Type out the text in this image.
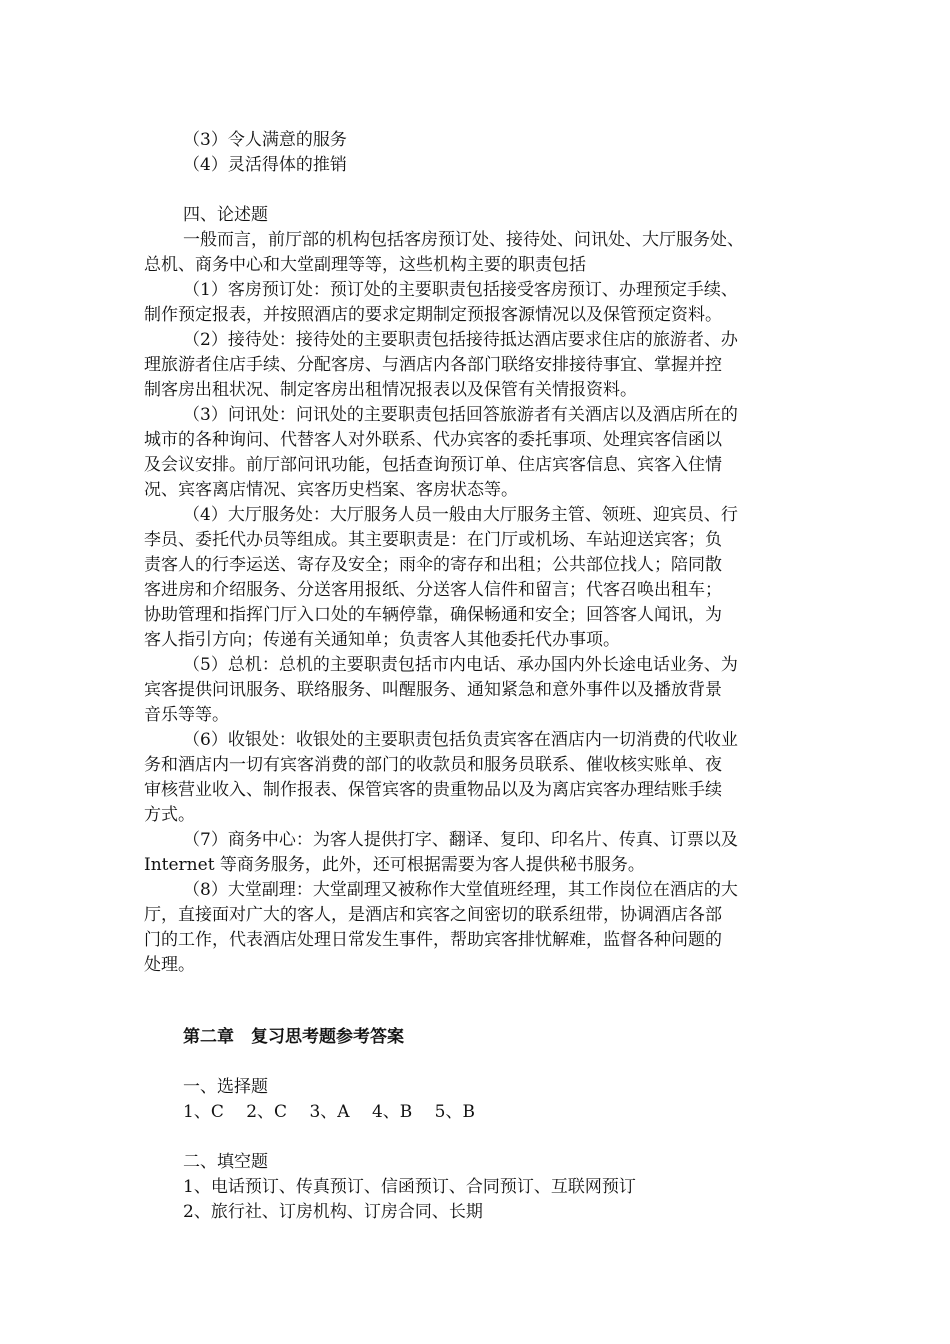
（3）令人满意的服务
（4）灵活得体的推销
四、论述题
一般而言，前厅部的机构包括客房预订处、接待处、问讯处、大厅服务处、
总机、商务中心和大堂副理等等，这些机构主要的职责包括
（1）客房预订处：预订处的主要职责包括接受客房预订、办理预定手续、
制作预定报表，并按照酒店的要求定期制定预报客源情况以及保管预定资料。
（2）接待处：接待处的主要职责包括接待抵达酒店要求住店的旅游者、办
理旅游者住店手续、分配客房、与酒店内各部门联络安排接待事宜、掌握并控
制客房出租状况、制定客房出租情况报表以及保管有关情报资料。
（3）问讯处：问讯处的主要职责包括回答旅游者有关酒店以及酒店所在的
城市的各种询问、代替客人对外联系、代办宾客的委托事项、处理宾客信函以
及会议安排。前厅部问讯功能，包括查询预订单、住店宾客信息、宾客入住情
况、宾客离店情况、宾客历史档案、客房状态等。
（4）大厅服务处：大厅服务人员一般由大厅服务主管、领班、迎宾员、行
李员、委托代办员等组成。其主要职责是：在门厅或机场、车站迎送宾客；负
责客人的行李运送、寄存及安全；雨伞的寄存和出租；公共部位找人；陪同散
客进房和介绍服务、分送客用报纸、分送客人信件和留言；代客召唤出租车；
协助管理和指挥门厅入口处的车辆停靠，确保畅通和安全；回答客人闻讯，为
客人指引方向；传递有关通知单；负责客人其他委托代办事项。
（5）总机：总机的主要职责包括市内电话、承办国内外长途电话业务、为
宾客提供问讯服务、联络服务、叫醒服务、通知紧急和意外事件以及播放背景
音乐等等。
（6）收银处：收银处的主要职责包括负责宾客在酒店内一切消费的代收业
务和酒店内一切有宾客消费的部门的收款员和服务员联系、催收核实账单、夜
审核营业收入、制作报表、保管宾客的贵重物品以及为离店宾客办理结账手续
方式。
（7）商务中心：为客人提供打字、翻译、复印、印名片、传真、订票以及
Internet 等商务服务，此外，还可根据需要为客人提供秘书服务。
（8）大堂副理：大堂副理又被称作大堂值班经理，其工作岗位在酒店的大
厅，直接面对广大的客人，是酒店和宾客之间密切的联系纽带，协调酒店各部
门的工作，代表酒店处理日常发生事件，帮助宾客排忧解难，监督各种问题的
处理。
第二章　复习思考题参考答案
一、选择题
1、C　 2、C　 3、A　 4、B　 5、B
二、填空题
1、电话预订、传真预订、信函预订、合同预订、互联网预订
2、旅行社、订房机构、订房合同、长期
